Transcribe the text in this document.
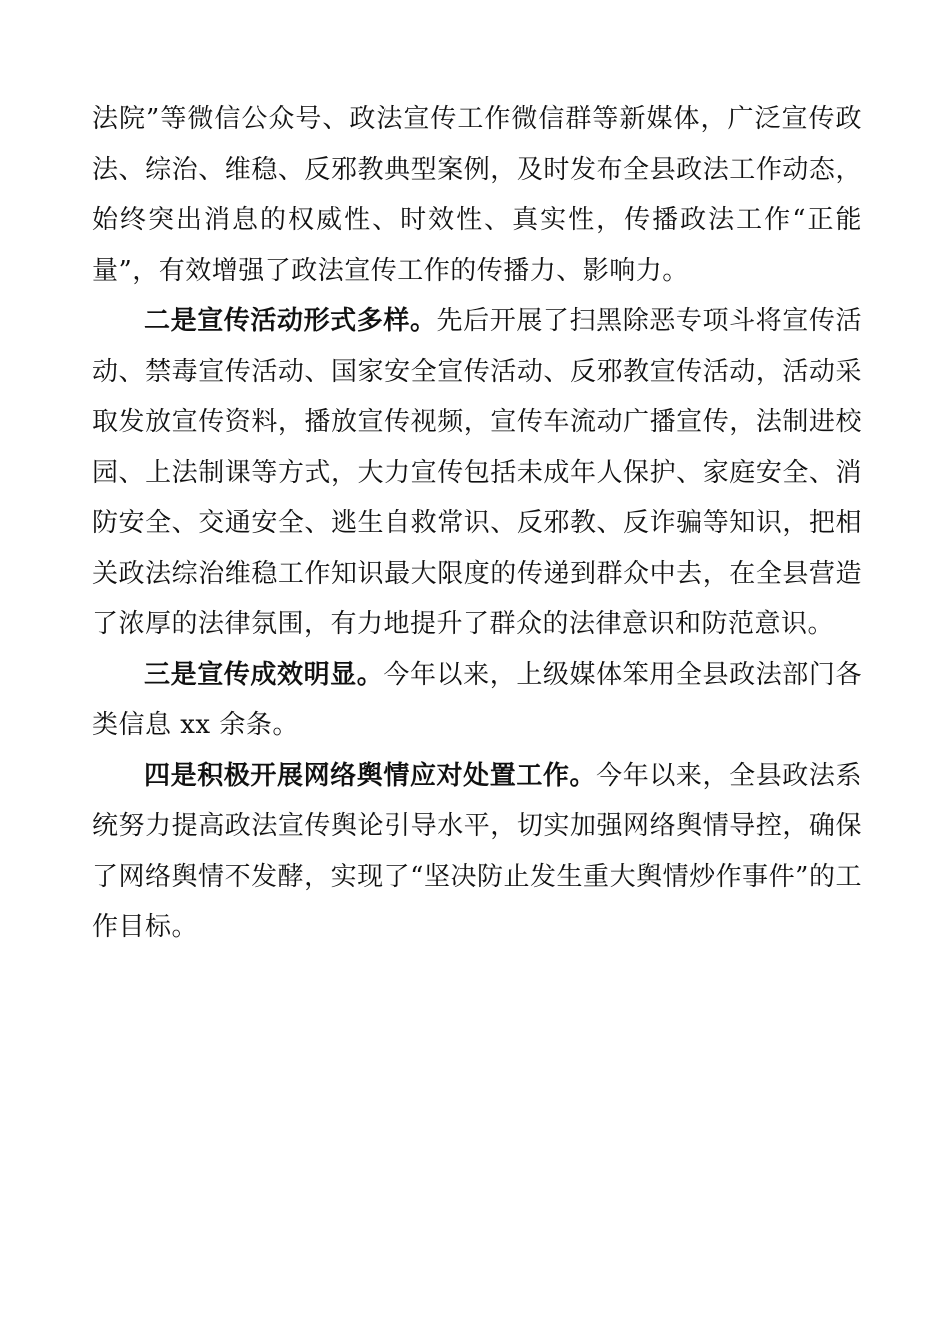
法院”等微信公众号、政法宣传工作微信群等新媒体，广泛宣传政法、综治、维稳、反邪教典型案例，及时发布全县政法工作动态，始终突出消息的权威性、时效性、真实性，传播政法工作“正能量”，有效增强了政法宣传工作的传播力、影响力。

二是宣传活动形式多样。先后开展了扫黑除恶专项斗将宣传活动、禁毒宣传活动、国家安全宣传活动、反邪教宣传活动，活动采取发放宣传资料，播放宣传视频，宣传车流动广播宣传，法制进校园、上法制课等方式，大力宣传包括未成年人保护、家庭安全、消防安全、交通安全、逃生自救常识、反邪教、反诈骗等知识，把相关政法综治维稳工作知识最大限度的传递到群众中去，在全县营造了浓厚的法律氛围，有力地提升了群众的法律意识和防范意识。

三是宣传成效明显。今年以来，上级媒体笨用全县政法部门各类信息 xx 余条。

四是积极开展网络舆情应对处置工作。今年以来，全县政法系统努力提高政法宣传舆论引导水平，切实加强网络舆情导控，确保了网络舆情不发酵，实现了“坚决防止发生重大舆情炒作事件”的工作目标。
